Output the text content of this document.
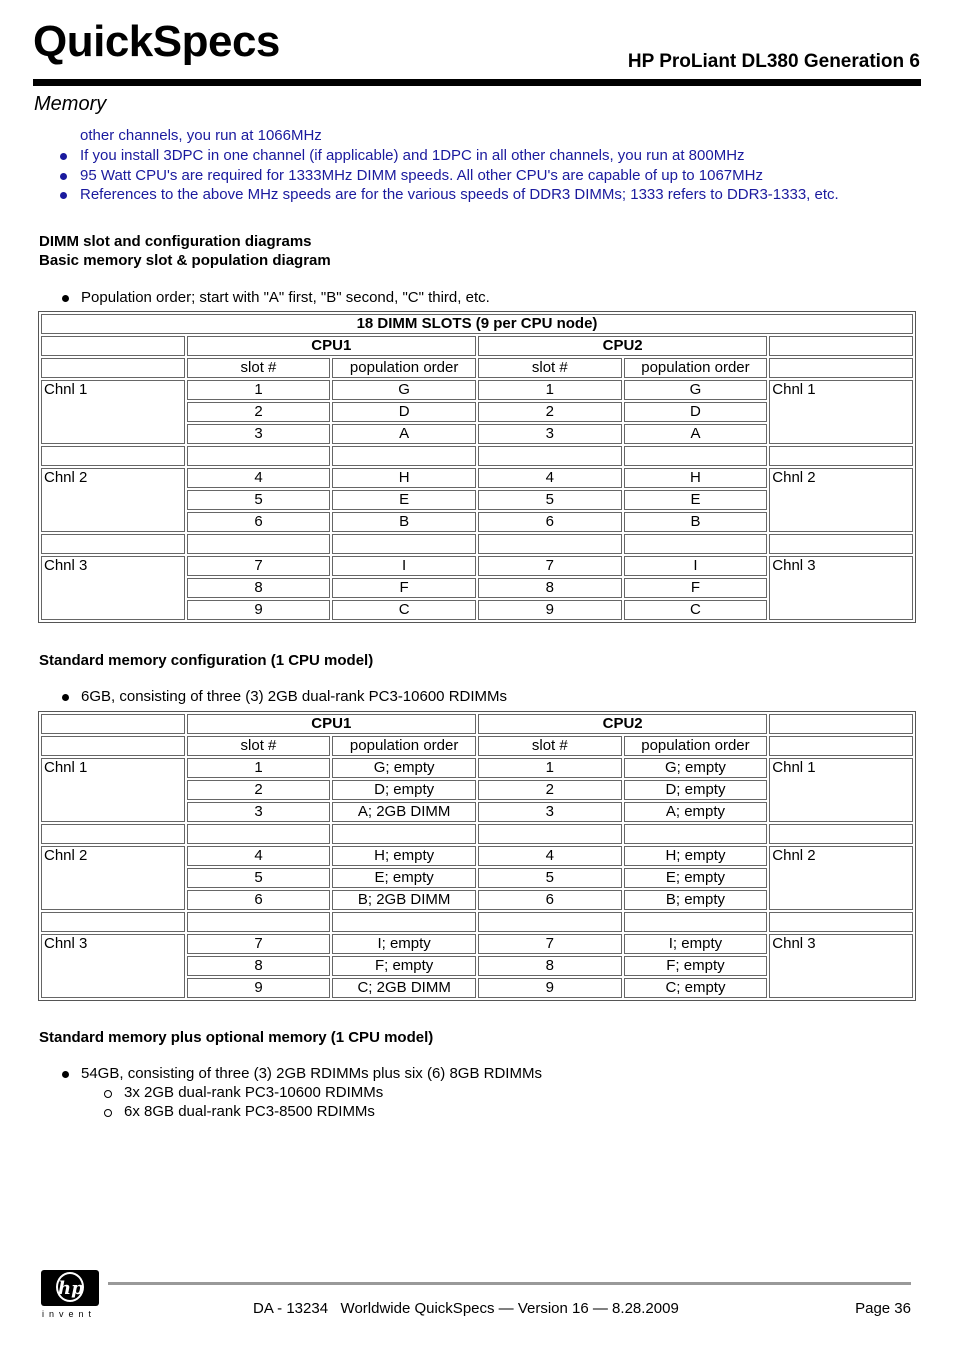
QuickSpecs	HP ProLiant DL380 Generation 6
Memory
other channels, you run at 1066MHz
If you install 3DPC in one channel (if applicable) and 1DPC in all other channels, you run at 800MHz
95 Watt CPU's are required for 1333MHz DIMM speeds. All other CPU's are capable of up to 1067MHz
References to the above MHz speeds are for the various speeds of DDR3 DIMMs; 1333 refers to DDR3-1333, etc.
DIMM slot and configuration diagrams
Basic memory slot & population diagram
Population order; start with "A" first, "B" second, "C" third, etc.
18 DIMM SLOTS (9 per CPU node)					
	CPU1		CPU2		
	slot #	population order	slot #	population order	
Chnl 1	1	G	1	G	Chnl 1
	2	D	2	D	
	3	A	3	A	

Chnl 2	4	H	4	H	Chnl 2
	5	E	5	E	
	6	B	6	B	

Chnl 3	7	I	7	I	Chnl 3
	8	F	8	F	
	9	C	9	C	
Standard memory configuration (1 CPU model)
6GB, consisting of three (3) 2GB dual-rank PC3-10600 RDIMMs
	CPU1		CPU2		
	slot #	population order	slot #	population order	
Chnl 1	1	G; empty	1	G; empty	Chnl 1
	2	D; empty	2	D; empty	
	3	A; 2GB DIMM	3	A; empty	

Chnl 2	4	H; empty	4	H; empty	Chnl 2
	5	E; empty	5	E; empty	
	6	B; 2GB DIMM	6	B; empty	

Chnl 3	7	I; empty	7	I; empty	Chnl 3
	8	F; empty	8	F; empty	
	9	C; 2GB DIMM	9	C; empty	
Standard memory plus optional memory (1 CPU model)
54GB, consisting of three (3) 2GB RDIMMs plus six (6) 8GB RDIMMs
3x 2GB dual-rank PC3-10600 RDIMMs
6x 8GB dual-rank PC3-8500 RDIMMs
hp
invent	DA - 13234   Worldwide QuickSpecs — Version 16 — 8.28.2009	Page 36
